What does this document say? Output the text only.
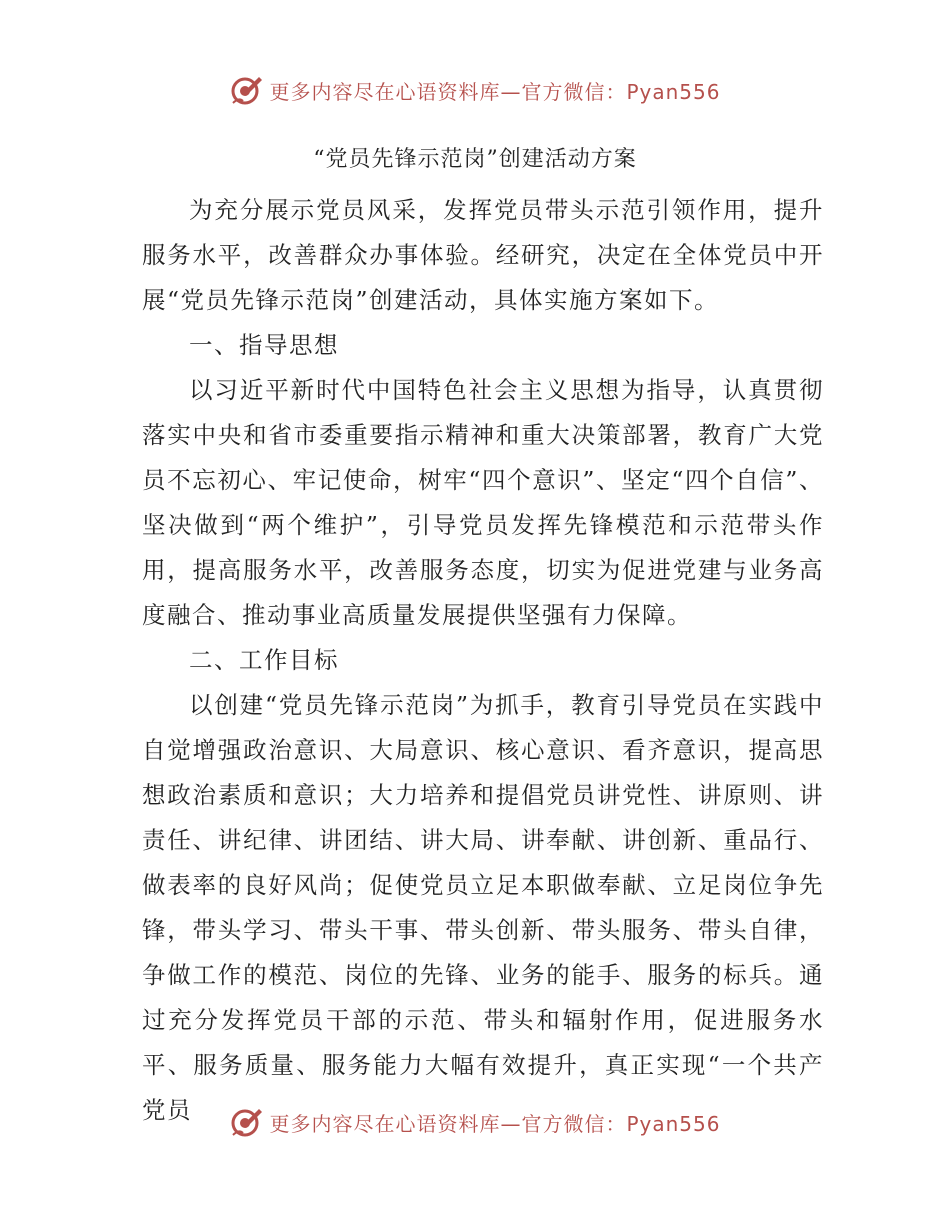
更多内容尽在心语资料库—官方微信：Pyan556
“党员先锋示范岗”创建活动方案

为充分展示党员风采，发挥党员带头示范引领作用，提升服务水平，改善群众办事体验。经研究，决定在全体党员中开展“党员先锋示范岗”创建活动，具体实施方案如下。

一、指导思想

以习近平新时代中国特色社会主义思想为指导，认真贯彻落实中央和省市委重要指示精神和重大决策部署，教育广大党员不忘初心、牢记使命，树牢“四个意识”、坚定“四个自信”、坚决做到“两个维护”，引导党员发挥先锋模范和示范带头作用，提高服务水平，改善服务态度，切实为促进党建与业务高度融合、推动事业高质量发展提供坚强有力保障。

二、工作目标

以创建“党员先锋示范岗”为抓手，教育引导党员在实践中自觉增强政治意识、大局意识、核心意识、看齐意识，提高思想政治素质和意识；大力培养和提倡党员讲党性、讲原则、讲责任、讲纪律、讲团结、讲大局、讲奉献、讲创新、重品行、做表率的良好风尚；促使党员立足本职做奉献、立足岗位争先锋，带头学习、带头干事、带头创新、带头服务、带头自律，争做工作的模范、岗位的先锋、业务的能手、服务的标兵。通过充分发挥党员干部的示范、带头和辐射作用，促进服务水平、服务质量、服务能力大幅有效提升，真正实现“一个共产党员	更多内容尽在心语资料库—官方微信：Pyan556
